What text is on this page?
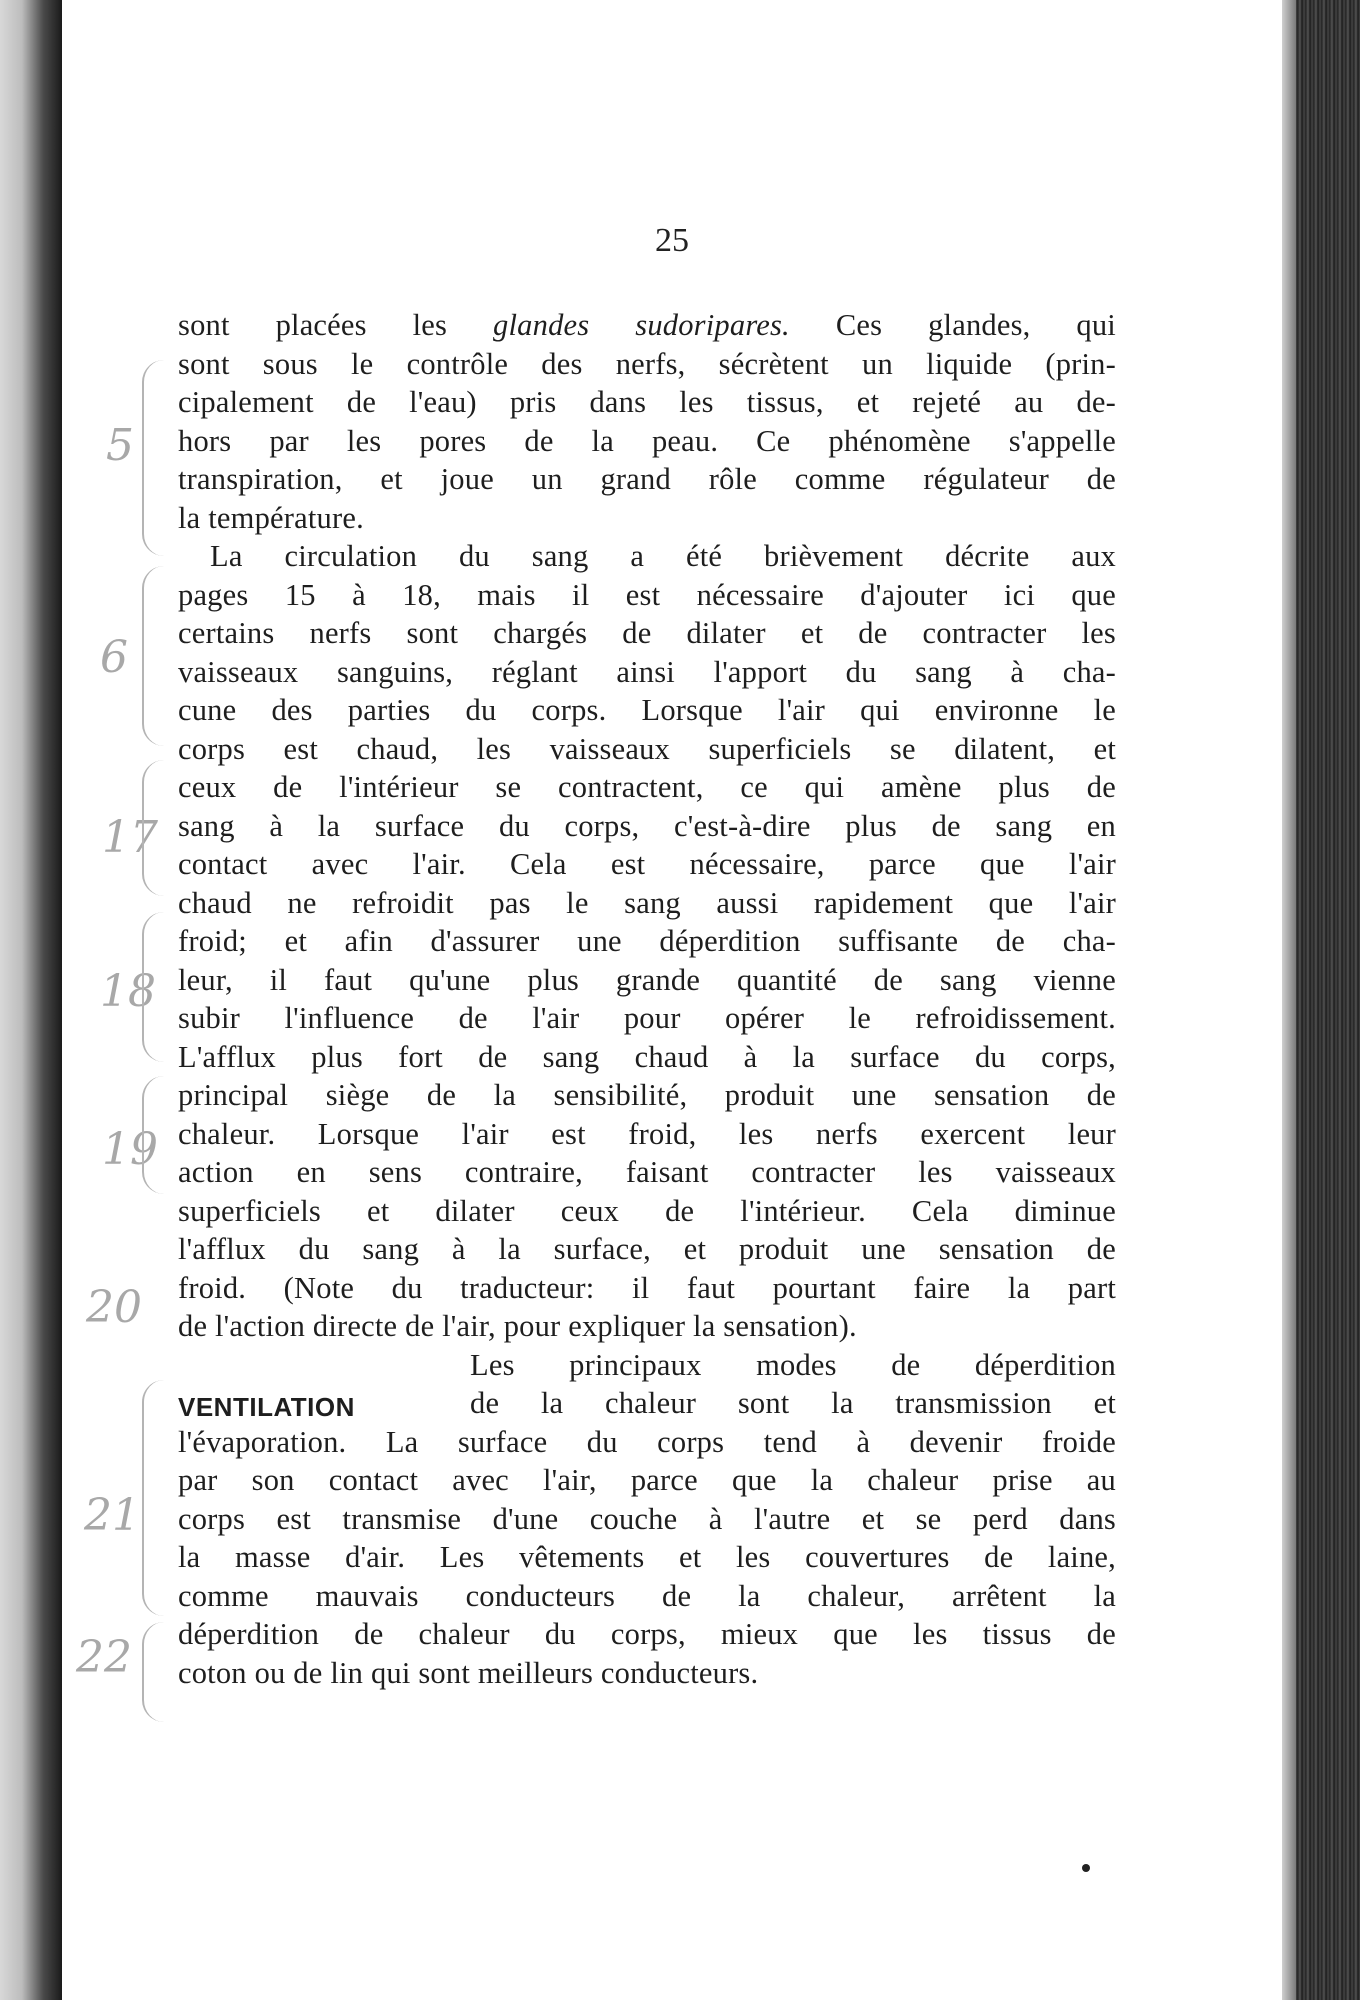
25
5
6
17
18
19
20
21
22
sont placées les glandes sudoripares. Ces glandes, qui
sont sous le contrôle des nerfs, sécrètent un liquide (prin-
cipalement de l'eau) pris dans les tissus, et rejeté au de-
hors par les pores de la peau. Ce phénomène s'appelle
transpiration, et joue un grand rôle comme régulateur de
la température.
La circulation du sang a été brièvement décrite aux
pages 15 à 18, mais il est nécessaire d'ajouter ici que
certains nerfs sont chargés de dilater et de contracter les
vaisseaux sanguins, réglant ainsi l'apport du sang à cha-
cune des parties du corps. Lorsque l'air qui environne le
corps est chaud, les vaisseaux superficiels se dilatent, et
ceux de l'intérieur se contractent, ce qui amène plus de
sang à la surface du corps, c'est-à-dire plus de sang en
contact avec l'air. Cela est nécessaire, parce que l'air
chaud ne refroidit pas le sang aussi rapidement que l'air
froid; et afin d'assurer une déperdition suffisante de cha-
leur, il faut qu'une plus grande quantité de sang vienne
subir l'influence de l'air pour opérer le refroidissement.
L'afflux plus fort de sang chaud à la surface du corps,
principal siège de la sensibilité, produit une sensation de
chaleur. Lorsque l'air est froid, les nerfs exercent leur
action en sens contraire, faisant contracter les vaisseaux
superficiels et dilater ceux de l'intérieur. Cela diminue
l'afflux du sang à la surface, et produit une sensation de
froid. (Note du traducteur: il faut pourtant faire la part
de l'action directe de l'air, pour expliquer la sensation).
Les principaux modes de déperdition
de la chaleur sont la transmission et
l'évaporation. La surface du corps tend à devenir froide
par son contact avec l'air, parce que la chaleur prise au
corps est transmise d'une couche à l'autre et se perd dans
la masse d'air. Les vêtements et les couvertures de laine,
comme mauvais conducteurs de la chaleur, arrêtent la
déperdition de chaleur du corps, mieux que les tissus de
coton ou de lin qui sont meilleurs conducteurs.
VENTILATION
